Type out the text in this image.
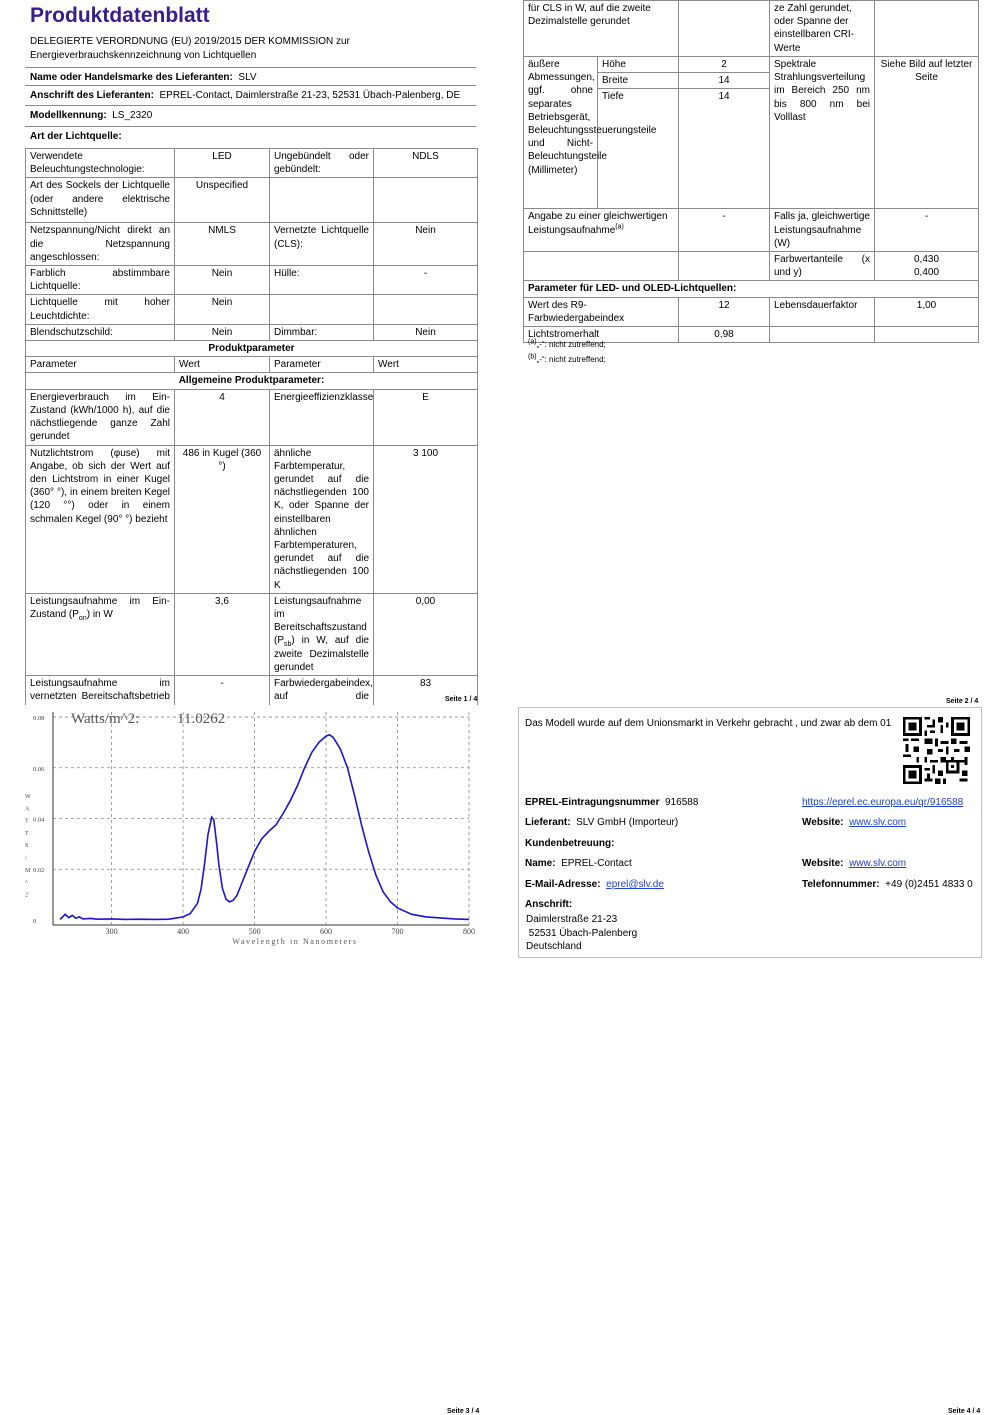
Produktdatenblatt
DELEGIERTE VERORDNUNG (EU) 2019/2015 DER KOMMISSION zur Energieverbrauchskennzeichnung von Lichtquellen
Name oder Handelsmarke des Lieferanten: SLV
Anschrift des Lieferanten: EPREL-Contact, Daimlerstraße 21-23, 52531 Übach-Palenberg, DE
Modellkennung: LS_2320
Art der Lichtquelle:
Verwendete Beleuchtungstechnologie:	LED	Ungebündelt oder gebündelt:	NDLS
Art des Sockels der Lichtquelle (oder andere elektrische Schnittstelle)	Unspecified		
Netzspannung/Nicht direkt an die Netzspannung angeschlossen:	NMLS	Vernetzte Lichtquelle (CLS):	Nein
Farblich abstimmbare Lichtquelle:	Nein	Hülle:	-
Lichtquelle mit hoher Leuchtdichte:	Nein		
Blendschutzschild:	Nein	Dimmbar:	Nein
Produktparameter			
Parameter	Wert	Parameter	Wert
Allgemeine Produktparameter:			
Energieverbrauch im Ein-Zustand (kWh/1000 h), auf die nächstliegende ganze Zahl gerundet	4	Energieeffizienzklasse	E
Nutzlichtstrom (φuse) mit Angabe, ob sich der Wert auf den Lichtstrom in einer Kugel (360° °), in einem breiten Kegel (120 °°) oder in einem schmalen Kegel (90° °) bezieht	486 in Kugel (360 °)	ähnliche Farbtemperatur, gerundet auf die nächstliegenden 100 K, oder Spanne der einstellbaren ähnlichen Farbtemperaturen, gerundet auf die nächstliegenden 100 K	3 100
Leistungsaufnahme im Ein-Zustand $(P_{on})$ in W	3,6	Leistungsaufnahme im Bereitschaftszustand $(P_{sb})$ in W, auf die zweite Dezimalstelle gerundet	0,00
Leistungsaufnahme im vernetzten Bereitschaftsbetrieb	-	Farbwiedergabeindex, auf die	83
Seite 1 / 4
für CLS in W, auf die zweite Dezimalstelle gerundet			ze Zahl gerundet, oder Spanne der einstellbaren CRI-Werte	
äußere Abmessungen, ggf. ohne separates Betriebsgerät, Beleuchtungssteuerungsteile und Nicht-Beleuchtungsteile (Millimeter)	Höhe	2	Spektrale Strahlungsverteilung im Bereich 250 nm bis 800 nm bei Volllast	Siehe Bild auf letzter Seite
	Breite	14		
	Tiefe	14		
Angabe zu einer gleichwertigen Leistungsaufnahme$^{(a)}$		-	Falls ja, gleichwertige Leistungsaufnahme (W)	-
			Farbwertanteile (x und y)	0,430
0,400
Parameter für LED- und OLED-Lichtquellen:				
Wert des R9-Farbwiedergabeindex		12	Lebensdauerfaktor	1,00
Lichtstromerhalt		0,98		
$^{(a)}$„-“: nicht zutreffend;
$^{(b)}$„-“: nicht zutreffend;
Seite 2 / 4
300	400	500	600	700	800
0
0.02
0.04
0.06
0.08 Watts/m^2:	11.0262
Wavelength in Nanometers
W
A
T
T
S
/
M
^
2
Seite 3 / 4
Das Modell wurde auf dem Unionsmarkt in Verkehr gebracht , und zwar ab dem 01
EPREL-Eintragungsnummer 916588	https://eprel.ec.europa.eu/qr/916588
Lieferant: SLV GmbH (Importeur)	Website: www.slv.com
Kundenbetreuung:
Name: EPREL-Contact	Website: www.slv.com
E-Mail-Adresse: eprel@slv.de	Telefonnummer: +49 (0)2451 4833 0
Anschrift:
Daimlerstraße 21-23
52531 Übach-Palenberg
Deutschland
Seite 4 / 4
